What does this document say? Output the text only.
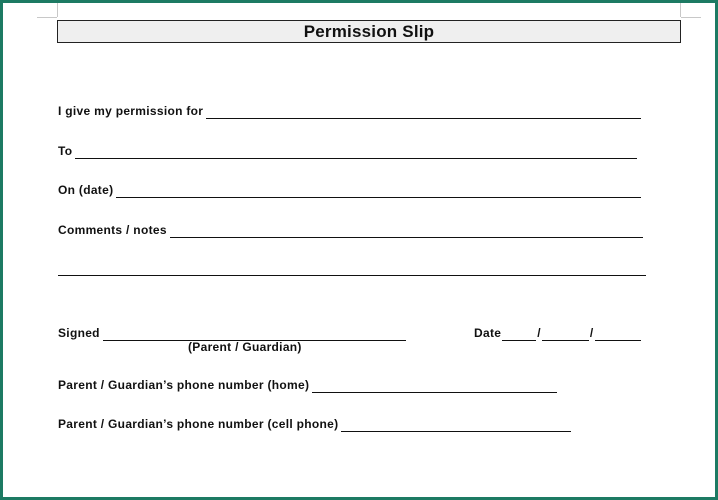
Permission Slip
I give my permission for
To
On (date)
Comments / notes
Signed
(Parent / Guardian)
Date	/	/
Parent / Guardian’s phone number (home)
Parent / Guardian’s phone number (cell phone)
